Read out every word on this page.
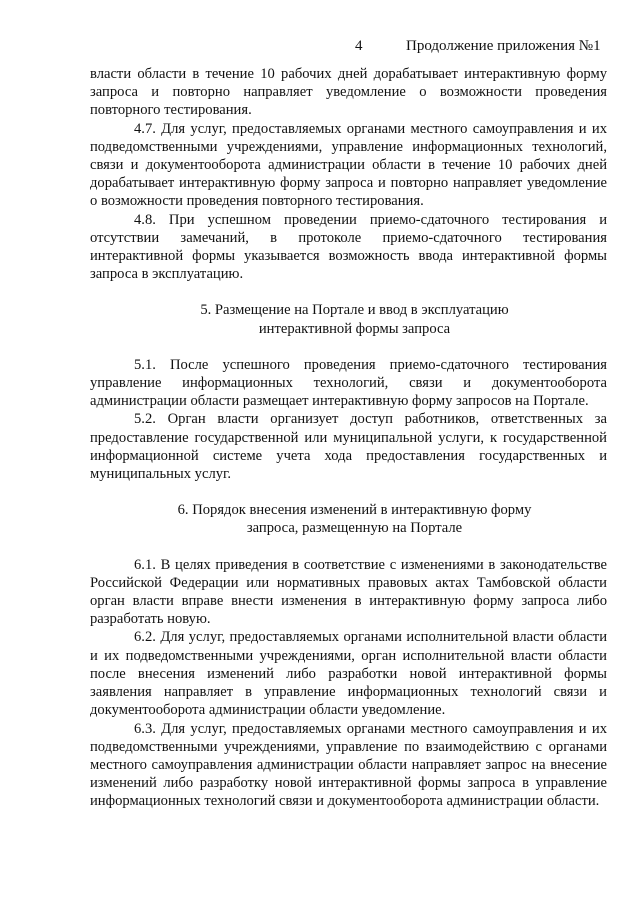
4	Продолжение приложения №1

власти области в течение 10 рабочих дней дорабатывает интерактивную форму запроса и повторно направляет уведомление о возможности проведения повторного тестирования.

4.7. Для услуг, предоставляемых органами местного самоуправления и их подведомственными учреждениями, управление информационных технологий, связи и документооборота администрации области в течение 10 рабочих дней дорабатывает интерактивную форму запроса и повторно направляет уведомление о возможности проведения повторного тестирования.

4.8. При успешном проведении приемо-сдаточного тестирования и отсутствии замечаний, в протоколе приемо-сдаточного тестирования интерактивной формы указывается возможность ввода интерактивной формы запроса в эксплуатацию.

5. Размещение на Портале и ввод в эксплуатацию
интерактивной формы запроса

5.1. После успешного проведения приемо-сдаточного тестирования управление информационных технологий, связи и документооборота администрации области размещает интерактивную форму запросов на Портале.

5.2. Орган власти организует доступ работников, ответственных за предоставление государственной или муниципальной услуги, к государственной информационной системе учета хода предоставления государственных и муниципальных услуг.

6. Порядок внесения изменений в интерактивную форму
запроса, размещенную на Портале

6.1. В целях приведения в соответствие с изменениями в законодательстве Российской Федерации или нормативных правовых актах Тамбовской области орган власти вправе внести изменения в интерактивную форму запроса либо разработать новую.

6.2. Для услуг, предоставляемых органами исполнительной власти области и их подведомственными учреждениями, орган исполнительной власти области после внесения изменений либо разработки новой интерактивной формы заявления направляет в управление информационных технологий связи и документооборота администрации области уведомление.

6.3. Для услуг, предоставляемых органами местного самоуправления и их подведомственными учреждениями, управление по взаимодействию с органами местного самоуправления администрации области направляет запрос на внесение изменений либо разработку новой интерактивной формы запроса в управление информационных технологий связи и документооборота администрации области.
